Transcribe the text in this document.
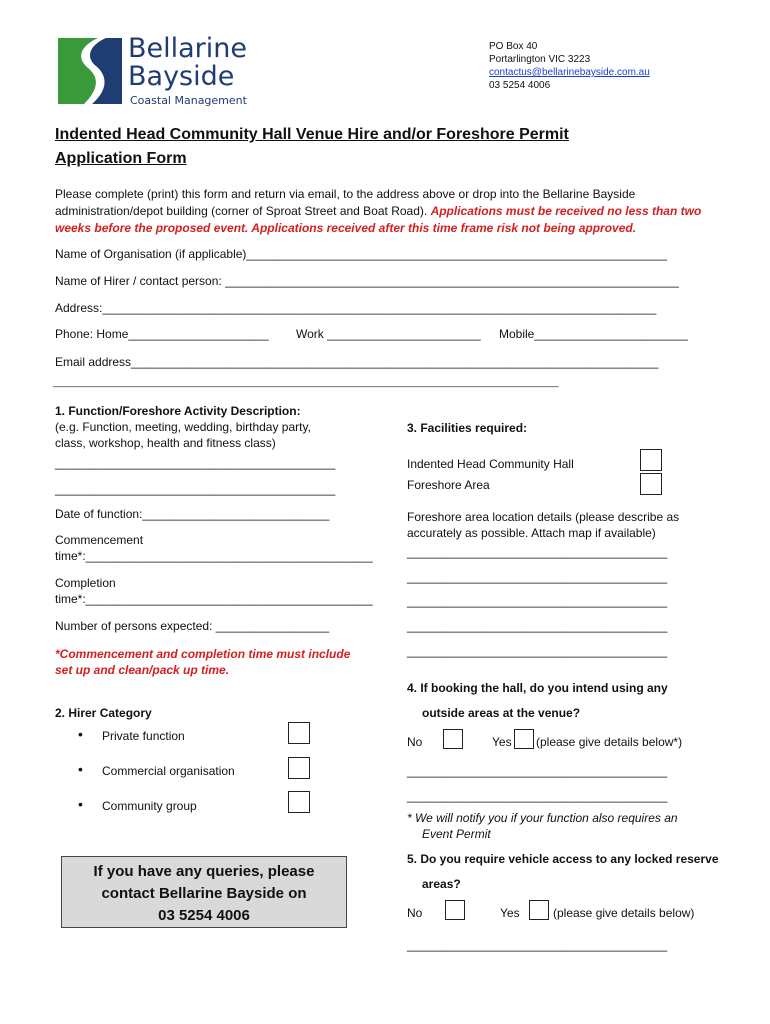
Bellarine
Bayside
Coastal Management
PO Box 40
Portarlington VIC 3223
contactus@bellarinebayside.com.au
03 5254 4006
Indented Head Community Hall Venue Hire and/or Foreshore Permit
Application Form
Please complete (print) this form and return via email, to the address above or drop into the Bellarine Bayside administration/depot building (corner of Sproat Street and Boat Road). Applications must be received no less than two weeks before the proposed event. Applications received after this time frame risk not being approved.
Name of Organisation (if applicable)_______________________________________________________________
Name of Hirer / contact person: ____________________________________________________________________
Address:___________________________________________________________________________________
Phone: Home_____________________ Work _______________________ Mobile_______________________
Email address_______________________________________________________________________________
_____________________________________________________________________________________________________
1. Function/Foreshore Activity Description:
(e.g. Function, meeting, wedding, birthday party,
class, workshop, health and fitness class)
__________________________________________
__________________________________________
Date of function:____________________________
Commencement
time*:___________________________________________
Completion
time*:___________________________________________
Number of persons expected: _________________
*Commencement and completion time must include
set up and clean/pack up time.
2. Hirer Category
• Private function
• Commercial organisation
• Community group
If you have any queries, please
contact Bellarine Bayside on
03 5254 4006
3. Facilities required:
Indented Head Community Hall
Foreshore Area
Foreshore area location details (please describe as
accurately as possible. Attach map if available)
_______________________________________
_______________________________________
_______________________________________
_______________________________________
_______________________________________
4. If booking the hall, do you intend using any
outside areas at the venue?
No	Yes (please give details below*)
_______________________________________
_______________________________________
* We will notify you if your function also requires an
Event Permit
5. Do you require vehicle access to any locked reserve
areas?
No	Yes	(please give details below)
_______________________________________
